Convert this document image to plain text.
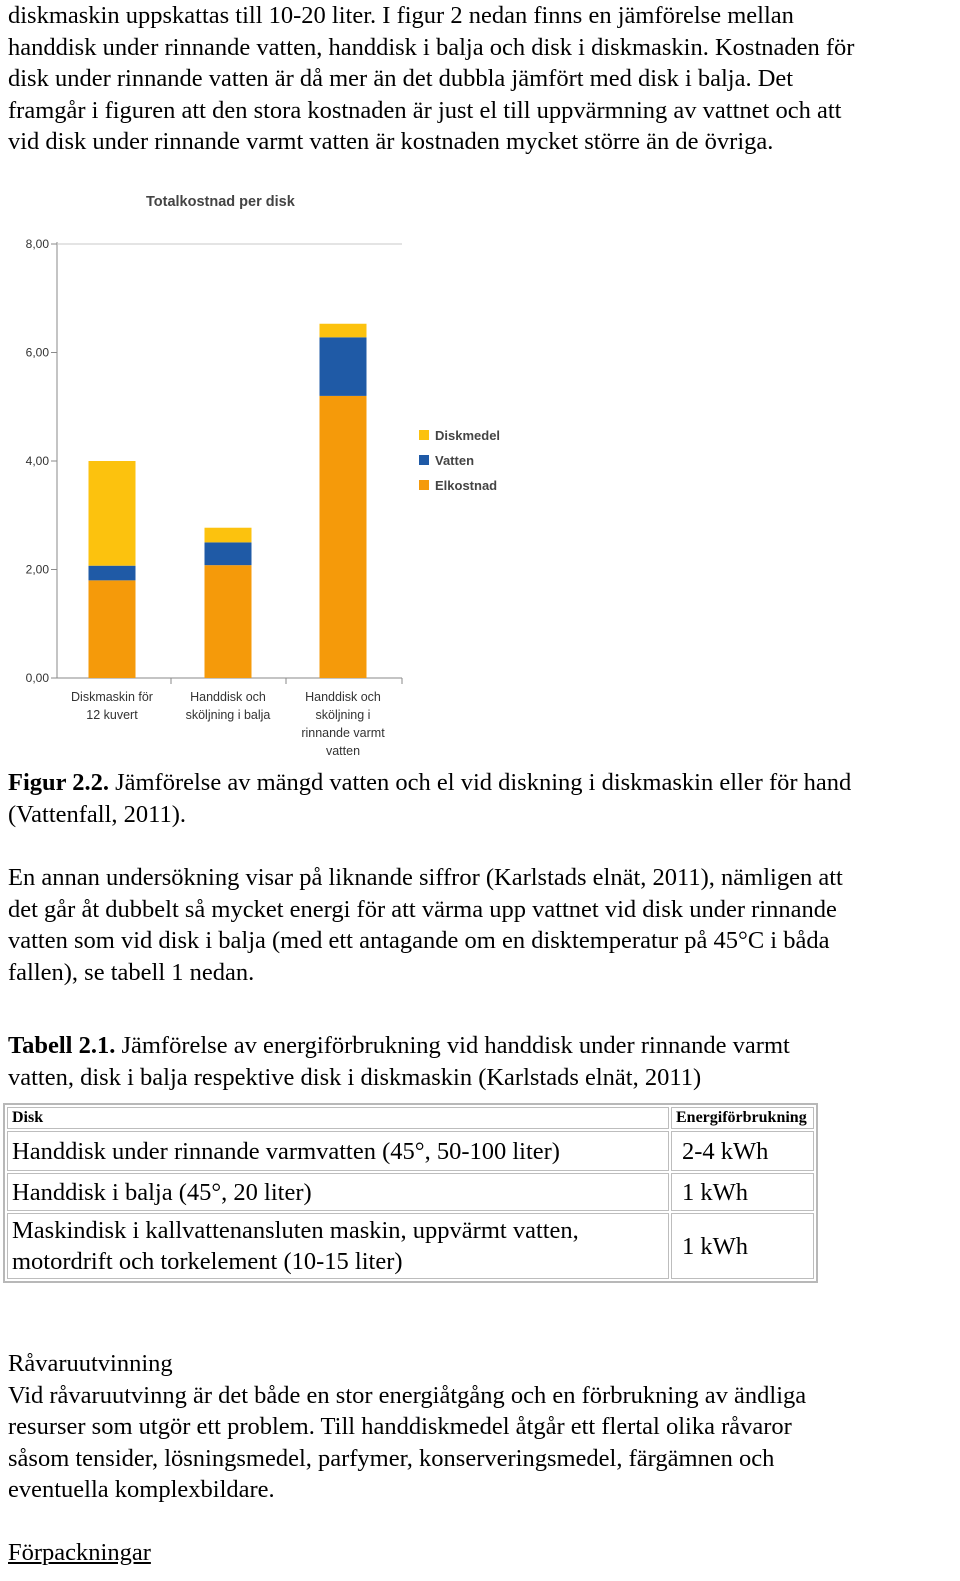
diskmaskin uppskattas till 10-20 liter. I figur 2 nedan finns en jämförelse mellan
handdisk under rinnande vatten, handdisk i balja och disk i diskmaskin. Kostnaden för
disk under rinnande vatten är då mer än det dubbla jämfört med disk i balja. Det
framgår i figuren att den stora kostnaden är just el till uppvärmning av vattnet och att
vid disk under rinnande varmt vatten är kostnaden mycket större än de övriga.

Totalkostnad per disk
0,00
2,00
4,00
6,00
8,00
Diskmaskin för
12 kuvert
Handdisk och
sköljning i balja
Handdisk och
sköljning i
rinnande varmt
vatten
Diskmedel
Vatten
Elkostnad

Figur 2.2. Jämförelse av mängd vatten och el vid diskning i diskmaskin eller för hand
(Vattenfall, 2011).

En annan undersökning visar på liknande siffror (Karlstads elnät, 2011), nämligen att
det går åt dubbelt så mycket energi för att värma upp vattnet vid disk under rinnande
vatten som vid disk i balja (med ett antagande om en disktemperatur på 45°C i båda
fallen), se tabell 1 nedan.

Tabell 2.1. Jämförelse av energiförbrukning vid handdisk under rinnande varmt
vatten, disk i balja respektive disk i diskmaskin (Karlstads elnät, 2011)

Disk	Energiförbrukning
Handdisk under rinnande varmvatten (45°, 50-100 liter)	2-4 kWh
Handdisk i balja (45°, 20 liter)	1 kWh

Maskindisk i kallvattenansluten maskin, uppvärmt vatten,
motordrift och torkelement (10-15 liter)	1 kWh

Råvaruutvinning
Vid råvaruutvinng är det både en stor energiåtgång och en förbrukning av ändliga
resurser som utgör ett problem. Till handdiskmedel åtgår ett flertal olika råvaror
såsom tensider, lösningsmedel, parfymer, konserveringsmedel, färgämnen och
eventuella komplexbildare.

Förpackningar
